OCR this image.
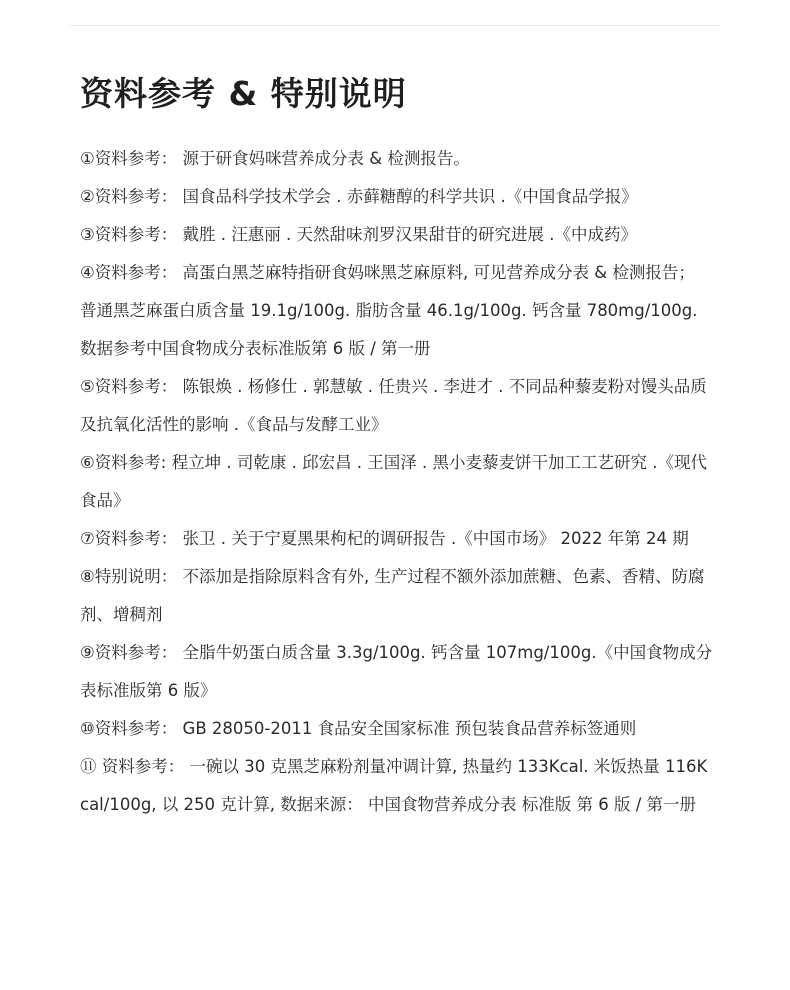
资料参考 & 特别说明
①资料参考： 源于研食妈咪营养成分表 & 检测报告。
②资料参考： 国食品科学技术学会 . 赤藓糖醇的科学共识 .《中国食品学报》
③资料参考： 戴胜 . 汪惠丽 . 天然甜味剂罗汉果甜苷的研究进展 .《中成药》
④资料参考： 高蛋白黑芝麻特指研食妈咪黑芝麻原料, 可见营养成分表 & 检测报告； 普通黑芝麻蛋白质含量 19.1g/100g. 脂肪含量 46.1g/100g. 钙含量 780mg/100g. 数据参考中国食物成分表标准版第 6 版 / 第一册
⑤资料参考： 陈银焕 . 杨修仕 . 郭慧敏 . 任贵兴 . 李进才 . 不同品种藜麦粉对馒头品质及抗氧化活性的影响 .《食品与发酵工业》
⑥资料参考: 程立坤 . 司乾康 . 邱宏昌 . 王国泽 . 黑小麦藜麦饼干加工工艺研究 .《现代食品》
⑦资料参考： 张卫 . 关于宁夏黑果枸杞的调研报告 .《中国市场》 2022 年第 24 期
⑧特别说明： 不添加是指除原料含有外, 生产过程不额外添加蔗糖、色素、香精、防腐剂、增稠剂
⑨资料参考： 全脂牛奶蛋白质含量 3.3g/100g. 钙含量 107mg/100g.《中国食物成分表标准版第 6 版》
⑩资料参考： GB 28050-2011 食品安全国家标准 预包装食品营养标签通则
⑪ 资料参考： 一碗以 30 克黑芝麻粉剂量冲调计算, 热量约 133Kcal. 米饭热量 116Kcal/100g, 以 250 克计算, 数据来源： 中国食物营养成分表 标准版 第 6 版 / 第一册
